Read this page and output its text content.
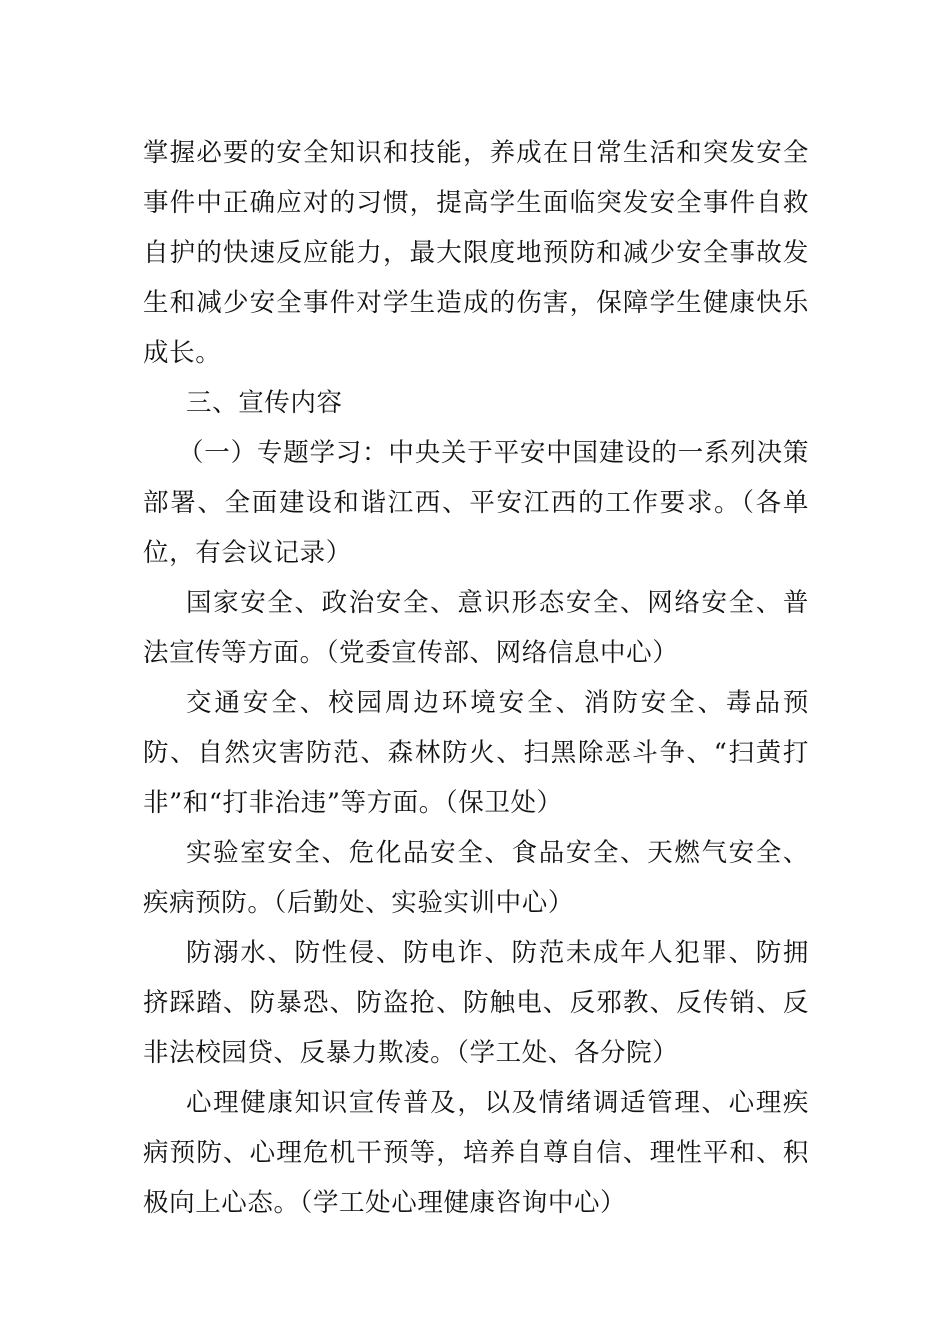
掌握必要的安全知识和技能，养成在日常生活和突发安全事件中正确应对的习惯，提高学生面临突发安全事件自救自护的快速反应能力，最大限度地预防和减少安全事故发生和减少安全事件对学生造成的伤害，保障学生健康快乐成长。

三、宣传内容

（一）专题学习：中央关于平安中国建设的一系列决策部署、全面建设和谐江西、平安江西的工作要求。（各单位，有会议记录）

国家安全、政治安全、意识形态安全、网络安全、普法宣传等方面。（党委宣传部、网络信息中心）

交通安全、校园周边环境安全、消防安全、毒品预防、自然灾害防范、森林防火、扫黑除恶斗争、“扫黄打非”和“打非治违”等方面。（保卫处）

实验室安全、危化品安全、食品安全、天燃气安全、疾病预防。（后勤处、实验实训中心）

防溺水、防性侵、防电诈、防范未成年人犯罪、防拥挤踩踏、防暴恐、防盗抢、防触电、反邪教、反传销、反非法校园贷、反暴力欺凌。（学工处、各分院）

心理健康知识宣传普及，以及情绪调适管理、心理疾病预防、心理危机干预等，培养自尊自信、理性平和、积极向上心态。（学工处心理健康咨询中心）
